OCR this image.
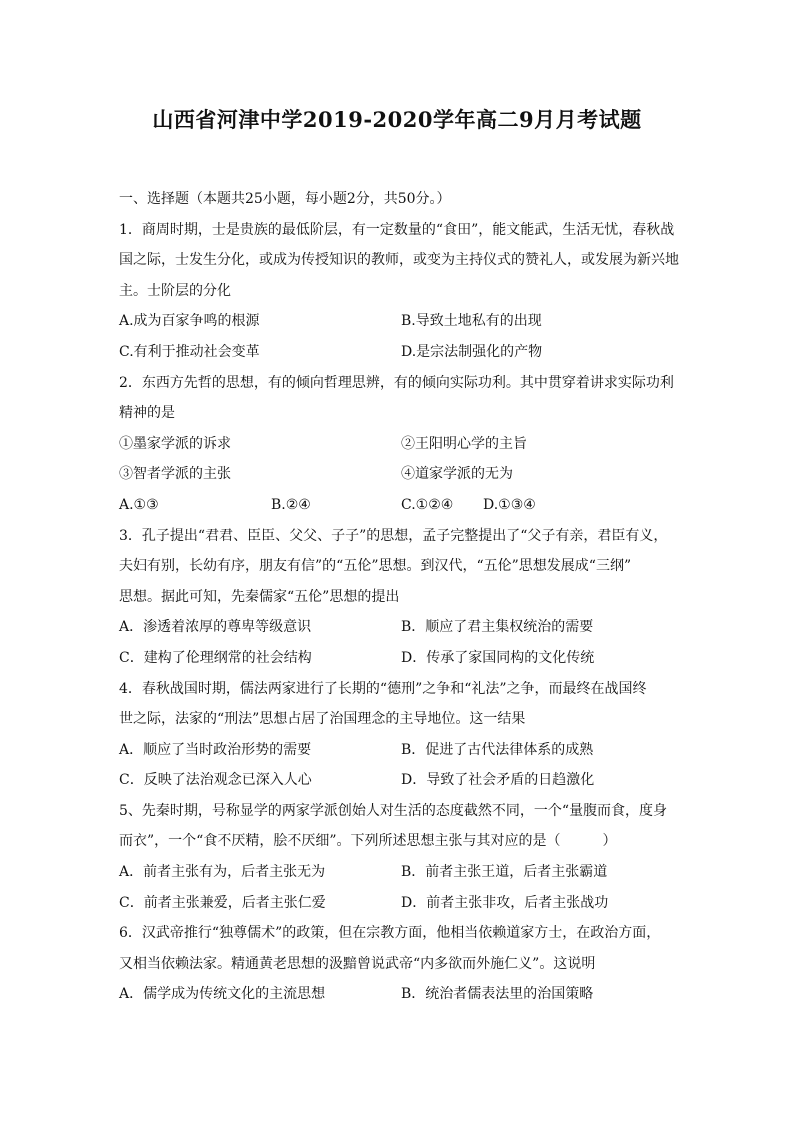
山西省河津中学2019-2020学年高二9月月考试题
一、选择题（本题共25小题，每小题2分，共50分。）
1．商周时期，士是贵族的最低阶层，有一定数量的“食田”，能文能武，生活无忧，春秋战
国之际，士发生分化，或成为传授知识的教师，或变为主持仪式的赞礼人，或发展为新兴地
主。士阶层的分化
A.成为百家争鸣的根源	B.导致土地私有的出现
C.有利于推动社会变革	D.是宗法制强化的产物
2．东西方先哲的思想，有的倾向哲理思辨，有的倾向实际功利。其中贯穿着讲求实际功利
精神的是
①墨家学派的诉求	②王阳明心学的主旨
③智者学派的主张	④道家学派的无为
A.①③	B.②④	C.①②④ D.①③④
3．孔子提出“君君、臣臣、父父、子子”的思想，孟子完整提出了“父子有亲，君臣有义，
夫妇有别，长幼有序，朋友有信”的“五伦”思想。到汉代，“五伦”思想发展成“三纲”
思想。据此可知，先秦儒家“五伦”思想的提出
A．渗透着浓厚的尊卑等级意识	B．顺应了君主集权统治的需要
C．建构了伦理纲常的社会结构	D．传承了家国同构的文化传统
4．春秋战国时期，儒法两家进行了长期的“德刑”之争和“礼法”之争，而最终在战国终
世之际，法家的“刑法”思想占居了治国理念的主导地位。这一结果
A．顺应了当时政治形势的需要	B．促进了古代法律体系的成熟
C．反映了法治观念已深入人心	D．导致了社会矛盾的日趋激化
5、先秦时期，号称显学的两家学派创始人对生活的态度截然不同，一个“量腹而食，度身
而衣”，一个“食不厌精，脍不厌细”。下列所述思想主张与其对应的是（　　　）
A．前者主张有为，后者主张无为	B．前者主张王道，后者主张霸道
C．前者主张兼爱，后者主张仁爱	D．前者主张非攻，后者主张战功
6．汉武帝推行“独尊儒术”的政策，但在宗教方面，他相当依赖道家方士，在政治方面，
又相当依赖法家。精通黄老思想的汲黯曾说武帝“内多欲而外施仁义”。这说明
A．儒学成为传统文化的主流思想	B．统治者儒表法里的治国策略
